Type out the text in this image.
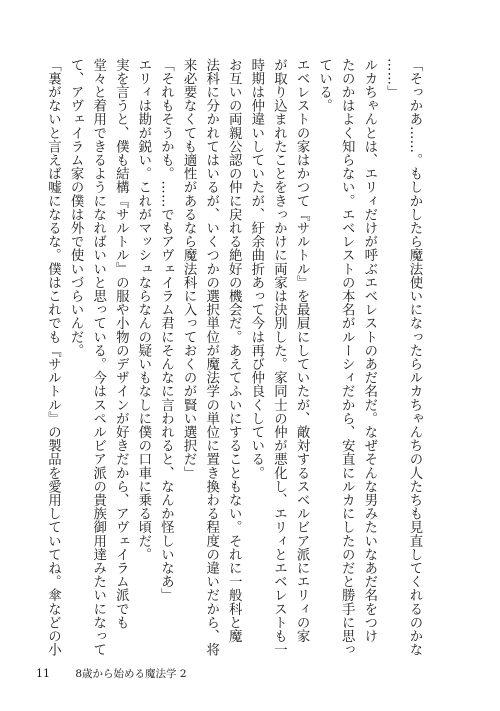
「そっかあ……。もしかしたら魔法使いになったらルカちゃんちの人たちも見直してくれるのかな

……」

ルカちゃんとは、エリィだけが呼ぶエベレストのあだ名だ。なぜそんな男みたいなあだ名をつけ

たのかはよく知らない。エベレストの本名がルーシィだから、安直にルカにしたのだと勝手に思っ

ている。

エベレストの家はかつて『サルトル』を最屓にしていたが、敵対するスベルビア派にエリィの家

が取り込まれたことをきっかけに両家は決別した。家同士の仲が悪化し、エリィとエベレストも一

時期は仲違いしていたが、紆余曲折あって今は再び仲良くしている。

お互いの両親公認の仲に戻れる絶好の機会だ。あえてふいにすることもない。それに一般科と魔

法科に分かれてはいるが、いくつかの選択単位が魔法学の単位に置き換わる程度の違いだから、将

来必要なくても適性があるなら魔法科に入っておくのが賢い選択だ」

「それもそうかも。……でもアヴェイラム君にそんなに言われると、なんか怪しいなあ」

エリィは勘が鋭い。これがマッシュならなんの疑いもなしに僕の口車に乗る頃だ。

実を言うと、僕も結構『サルトル』の服や小物のデザインが好きだから、アヴェイラム派でも

堂々と着用できるようになればいいと思っている。今はスペルビア派の貴族御用達みたいになって

て、アヴェイラム家の僕は外で使いづらいんだ。

「裏がないと言えば嘘になるな。僕はこれでも『サルトル』の製品を愛用していてね。傘などの小

11 8歳から始める魔法学 2
